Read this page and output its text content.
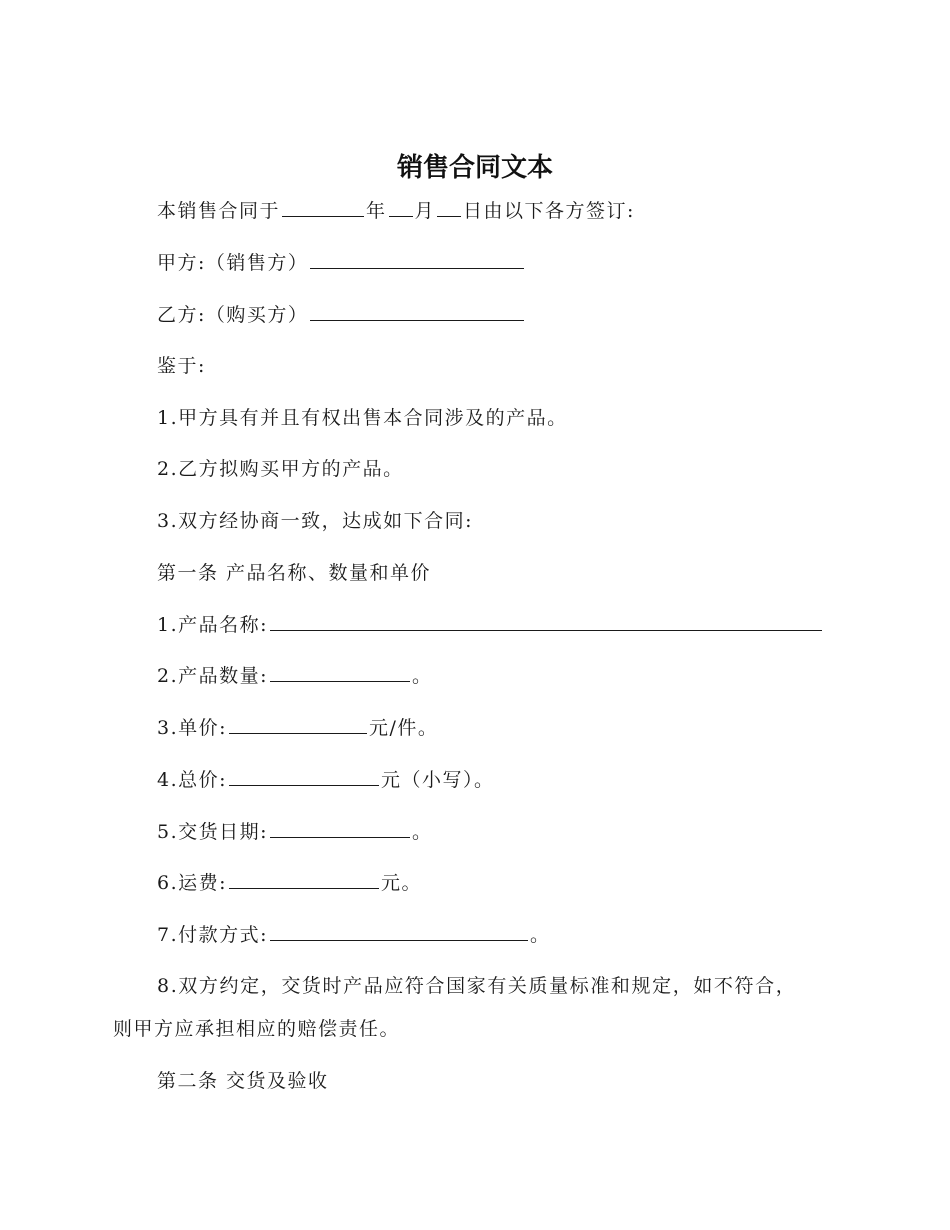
销售合同文本
本销售合同于	年 月 日由以下各方签订:
甲方:（销售方）
乙方:（购买方）
鉴于:
1.甲方具有并且有权出售本合同涉及的产品。
2.乙方拟购买甲方的产品。
3.双方经协商一致，达成如下合同:
第一条 产品名称、数量和单价
1.产品名称:
2.产品数量:	。
3.单价:	元/件。
4.总价:	元（小写）。
5.交货日期:	。
6.运费:	元。
7.付款方式:	。
8.双方约定，交货时产品应符合国家有关质量标准和规定，如不符合，
则甲方应承担相应的赔偿责任。
第二条 交货及验收
